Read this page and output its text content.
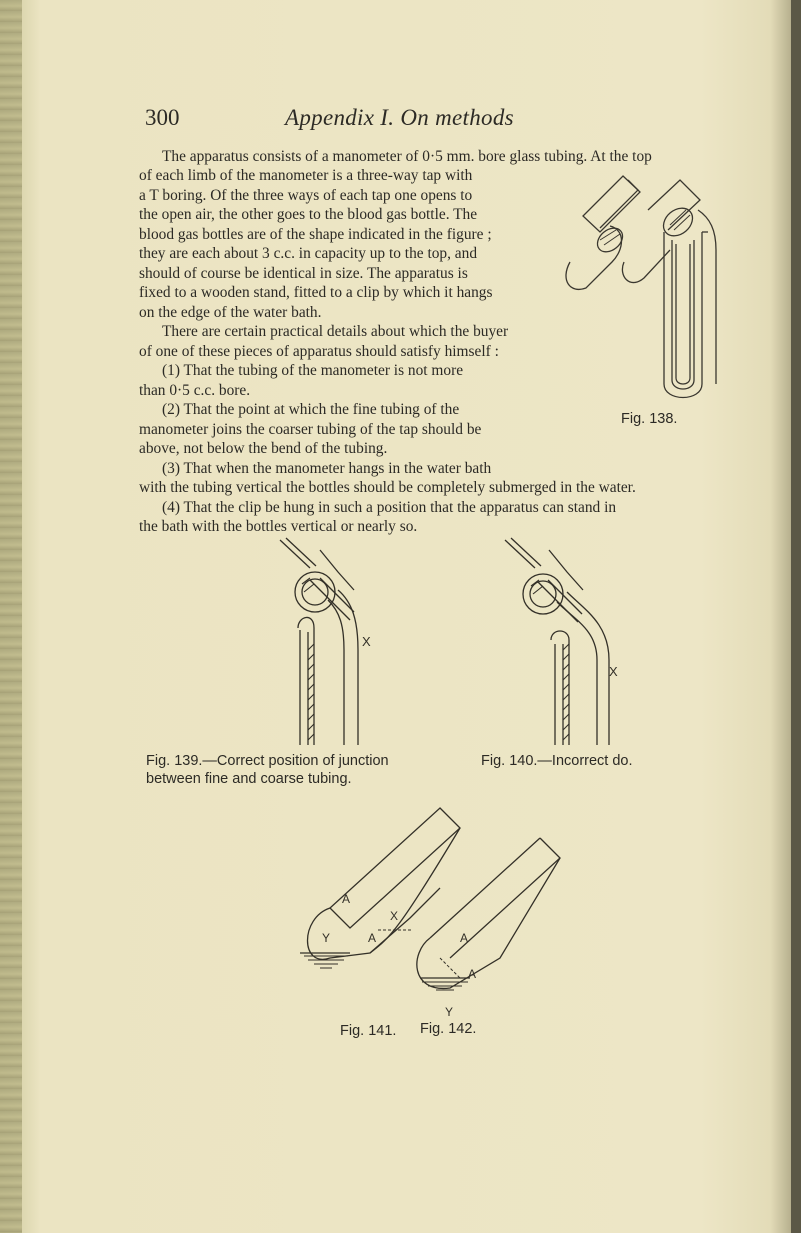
300	Appendix I. On methods

The apparatus consists of a manometer of 0·5 mm. bore glass tubing. At the top

of each limb of the manometer is a three-way tap with

a T boring. Of the three ways of each tap one opens to

the open air, the other goes to the blood gas bottle. The

blood gas bottles are of the shape indicated in the figure ;

they are each about 3 c.c. in capacity up to the top, and

should of course be identical in size. The apparatus is

fixed to a wooden stand, fitted to a clip by which it hangs

on the edge of the water bath.

There are certain practical details about which the buyer

of one of these pieces of apparatus should satisfy himself :

(1) That the tubing of the manometer is not more

than 0·5 c.c. bore.

(2) That the point at which the fine tubing of the

manometer joins the coarser tubing of the tap should be

above, not below the bend of the tubing.

(3) That when the manometer hangs in the water bath

with the tubing vertical the bottles should be completely submerged in the water.

(4) That the clip be hung in such a position that the apparatus can stand in

the bath with the bottles vertical or nearly so.

Fig. 138.

X
X

Fig. 139.—Correct position of junction

between fine and coarse tubing.

Fig. 140.—Incorrect do.

A
X
Y	A	A
A
Y

Fig. 141. Fig. 142.
